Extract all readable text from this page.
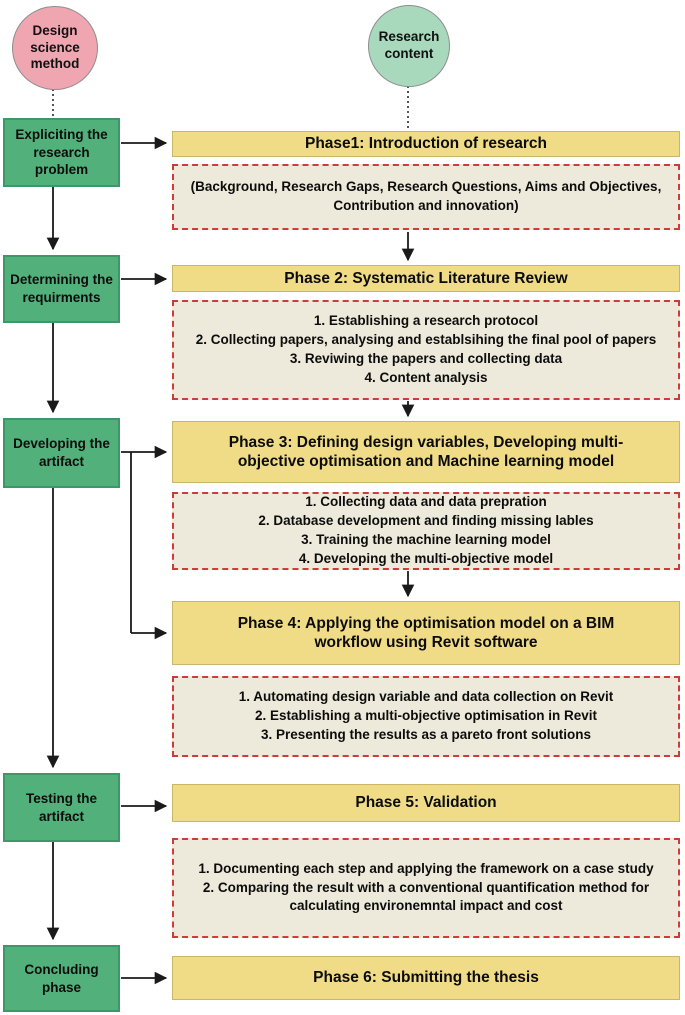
Design science method
Research content
Expliciting the research problem
Determining the requirments
Developing the artifact
Testing the artifact
Concluding phase
Phase1: Introduction of research
(Background, Research Gaps, Research Questions, Aims and Objectives, Contribution and innovation)
Phase 2: Systematic Literature Review
1. Establishing a research protocol
2. Collecting papers, analysing and establsihing the final pool of papers
3. Reviwing the papers and collecting data
4. Content analysis
Phase 3: Defining design variables, Developing multi-objective optimisation and Machine learning model
1. Collecting data and data prepration
2. Database development and finding missing lables
3. Training the machine learning model
4. Developing the multi-objective model
Phase 4: Applying the optimisation model on a BIM workflow using Revit software
1. Automating design variable and data collection on Revit
2. Establishing a multi-objective optimisation in Revit
3. Presenting the results as a pareto front solutions
Phase 5: Validation
1. Documenting each step and applying the framework on a case study
2. Comparing the result with a conventional quantification method for calculating environemntal impact and cost
Phase 6: Submitting the thesis
